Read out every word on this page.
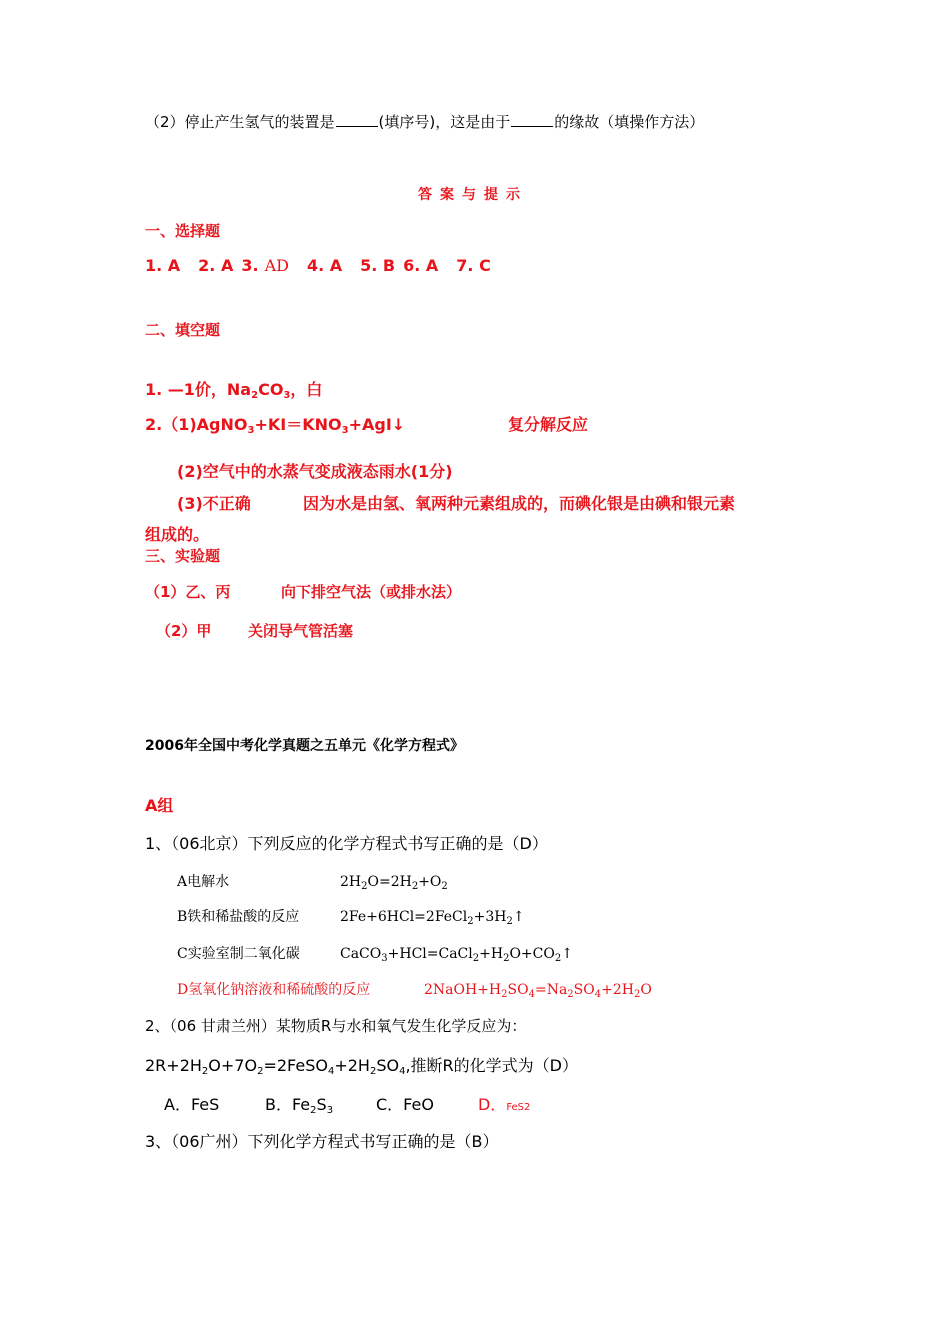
（2）停止产生氢气的装置是	(填序号)，这是由于	的缘故（填操作方法）
答案与提示
一、选择题
1. A 2. A 3. AD 4. A 5. B 6. A 7. C
二、填空题
1. —1价，$Na_2CO_3$，白
$2.(1)AgNO_3+KI=KNO_3+AgI↓$	复分解反应
(2)空气中的水蒸气变成液态雨水(1分)
(3)不正确	因为水是由氢、氧两种元素组成的，而碘化银是由碘和银元素
组成的。
三、实验题
（1）乙、丙	向下排空气法（或排水法）
（2）甲 关闭导气管活塞
2006年全国中考化学真题之五单元《化学方程式》
A组
1、（06北京）下列反应的化学方程式书写正确的是（D）
A电解水	$2H_2O=2H_2+O_2$
B铁和稀盐酸的反应	$2Fe+6HCl=2FeCl_2+3H_2↑$
C实验室制二氧化碳	$CaCO_3+HCl=CaCl_2+H_2O+CO_2↑$
D氢氧化钠溶液和稀硫酸的反应	$2NaOH+H_2SO_4=Na_2SO_4+2H_2O$
2、（06 甘肃兰州）某物质R与水和氧气发生化学反应为：
$2R+2H_2O+7O_2=2FeSO_4+2H_2SO_4$,推断R的化学式为（D）
A．FeS	B．$Fe_2S_3$	C．FeO	D．FeS2
3、（06广州）下列化学方程式书写正确的是（B）
